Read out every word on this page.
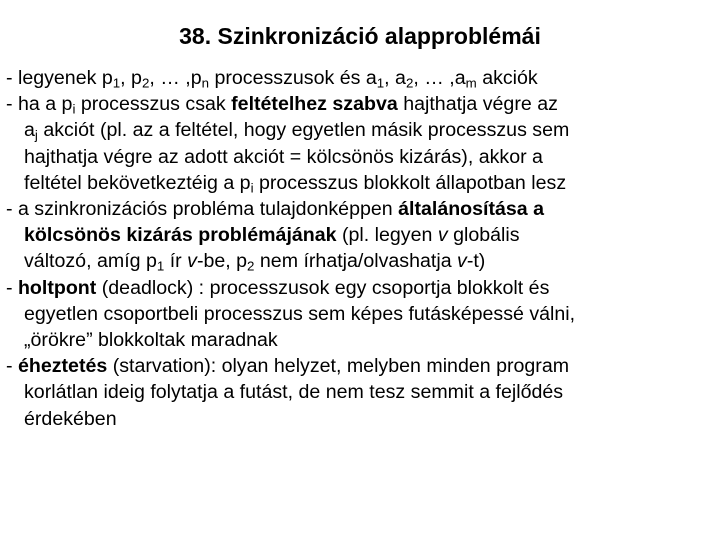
38. Szinkronizáció alapproblémái
- legyenek $p_1$, $p_2$, … $,p_n$ processzusok és $a_1$, $a_2$, … $,a_m$ akciók
- ha a $p_i$ processzus csak feltételhez szabva hajthatja végre az
$a_j$ akciót (pl. az a feltétel, hogy egyetlen másik processzus sem
hajthatja végre az adott akciót = kölcsönös kizárás), akkor a
feltétel bekövetkeztéig a $p_i$ processzus blokkolt állapotban lesz
- a szinkronizációs probléma tulajdonképpen általánosítása a
kölcsönös kizárás problémájának (pl. legyen v globális
változó, amíg $p_1$ ír v-be, $p_2$ nem írhatja/olvashatja v-t)
- holtpont (deadlock) : processzusok egy csoportja blokkolt és
egyetlen csoportbeli processzus sem képes futásképessé válni,
„örökre” blokkoltak maradnak
- éheztetés (starvation): olyan helyzet, melyben minden program
korlátlan ideig folytatja a futást, de nem tesz semmit a fejlődés
érdekében
